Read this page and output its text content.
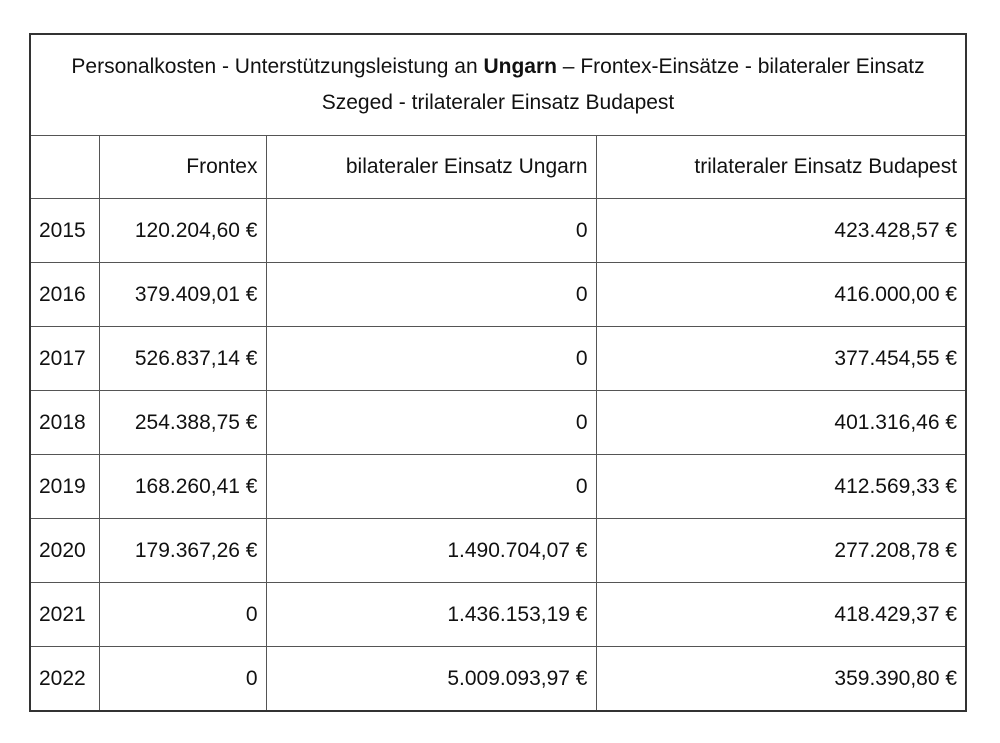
Personalkosten - Unterstützungsleistung an Ungarn – Frontex-Einsätze - bilateraler Einsatz Szeged - trilateraler Einsatz Budapest			
	Frontex	bilateraler Einsatz Ungarn	trilateraler Einsatz Budapest
2015	120.204,60 €	0	423.428,57 €
2016	379.409,01 €	0	416.000,00 €
2017	526.837,14 €	0	377.454,55 €
2018	254.388,75 €	0	401.316,46 €
2019	168.260,41 €	0	412.569,33 €
2020	179.367,26 €	1.490.704,07 €	277.208,78 €
2021	0	1.436.153,19 €	418.429,37 €
2022	0	5.009.093,97 €	359.390,80 €
